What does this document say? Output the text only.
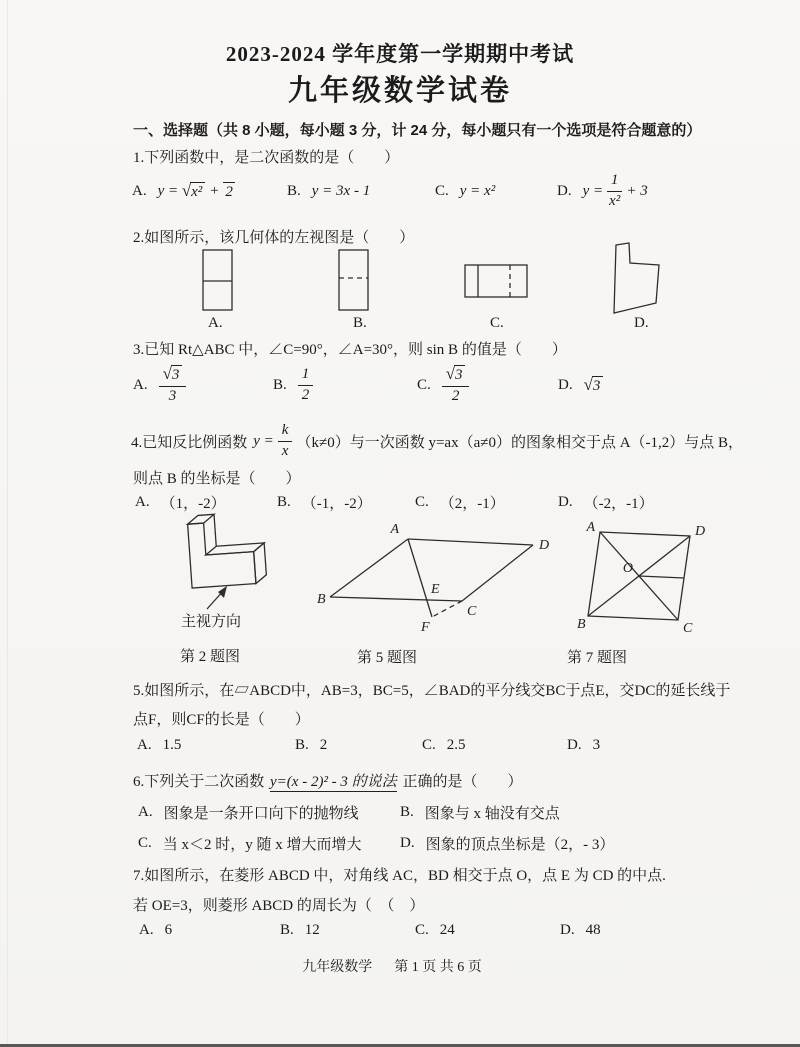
2023-2024 学年度第一学期期中考试
九年级数学试卷
一、选择题（共 8 小题，每小题 3 分，计 24 分，每小题只有一个选项是符合题意的）
1.下列函数中，是二次函数的是（　　）
A. y =
√ x² + 2	B. y = 3x - 1	C. y = x²	D. y =
$\frac{1}{\text{x²}} + 3$
2.如图所示，该几何体的左视图是（　　）
A.	B.	C.	D.
3.已知 Rt△ABC 中，∠C=90°，∠A=30°，则 sin B 的值是（　　）
A. $\frac{√ 3}{3}$	B. $\frac{1}{2}$	C. $\frac{√ 3}{2}$	D. √ 3
4.已知反比例函数 $y = \frac{k}{x} (k\ne 0)$与一次函数 y=ax（a≠0）的图象相交于点 A（-1,2）与点 B，
则点 B 的坐标是（　　）
A. （1，-2）	B. （-1，-2）	C. （2，-1）	D. （-2，-1）
主视方向
A
D
B
C
E
F
A	D
B	C
O
第 2 题图	第 5 题图	第 7 题图
5.如图所示，在▱ABCD中，AB=3，BC=5，∠BAD的平分线交BC于点E，交DC的延长线于
点F，则CF的长是（　　）
A. 1.5	B. 2	C. 2.5	D. 3
6.下列关于二次函数 y=(x - 2)² - 3 的说法 正确的是（　　）
A. 图象是一条开口向下的抛物线	B. 图象与 x 轴没有交点
C. 当 x＜2 时，y 随 x 增大而增大	D. 图象的顶点坐标是（2，- 3）
7.如图所示，在菱形 ABCD 中，对角线 AC，BD 相交于点 O，点 E 为 CD 的中点.
若 OE=3，则菱形 ABCD 的周长为（　（　）
A. 6	B. 12	C. 24	D. 48
九年级数学 第 1 页 共 6 页
